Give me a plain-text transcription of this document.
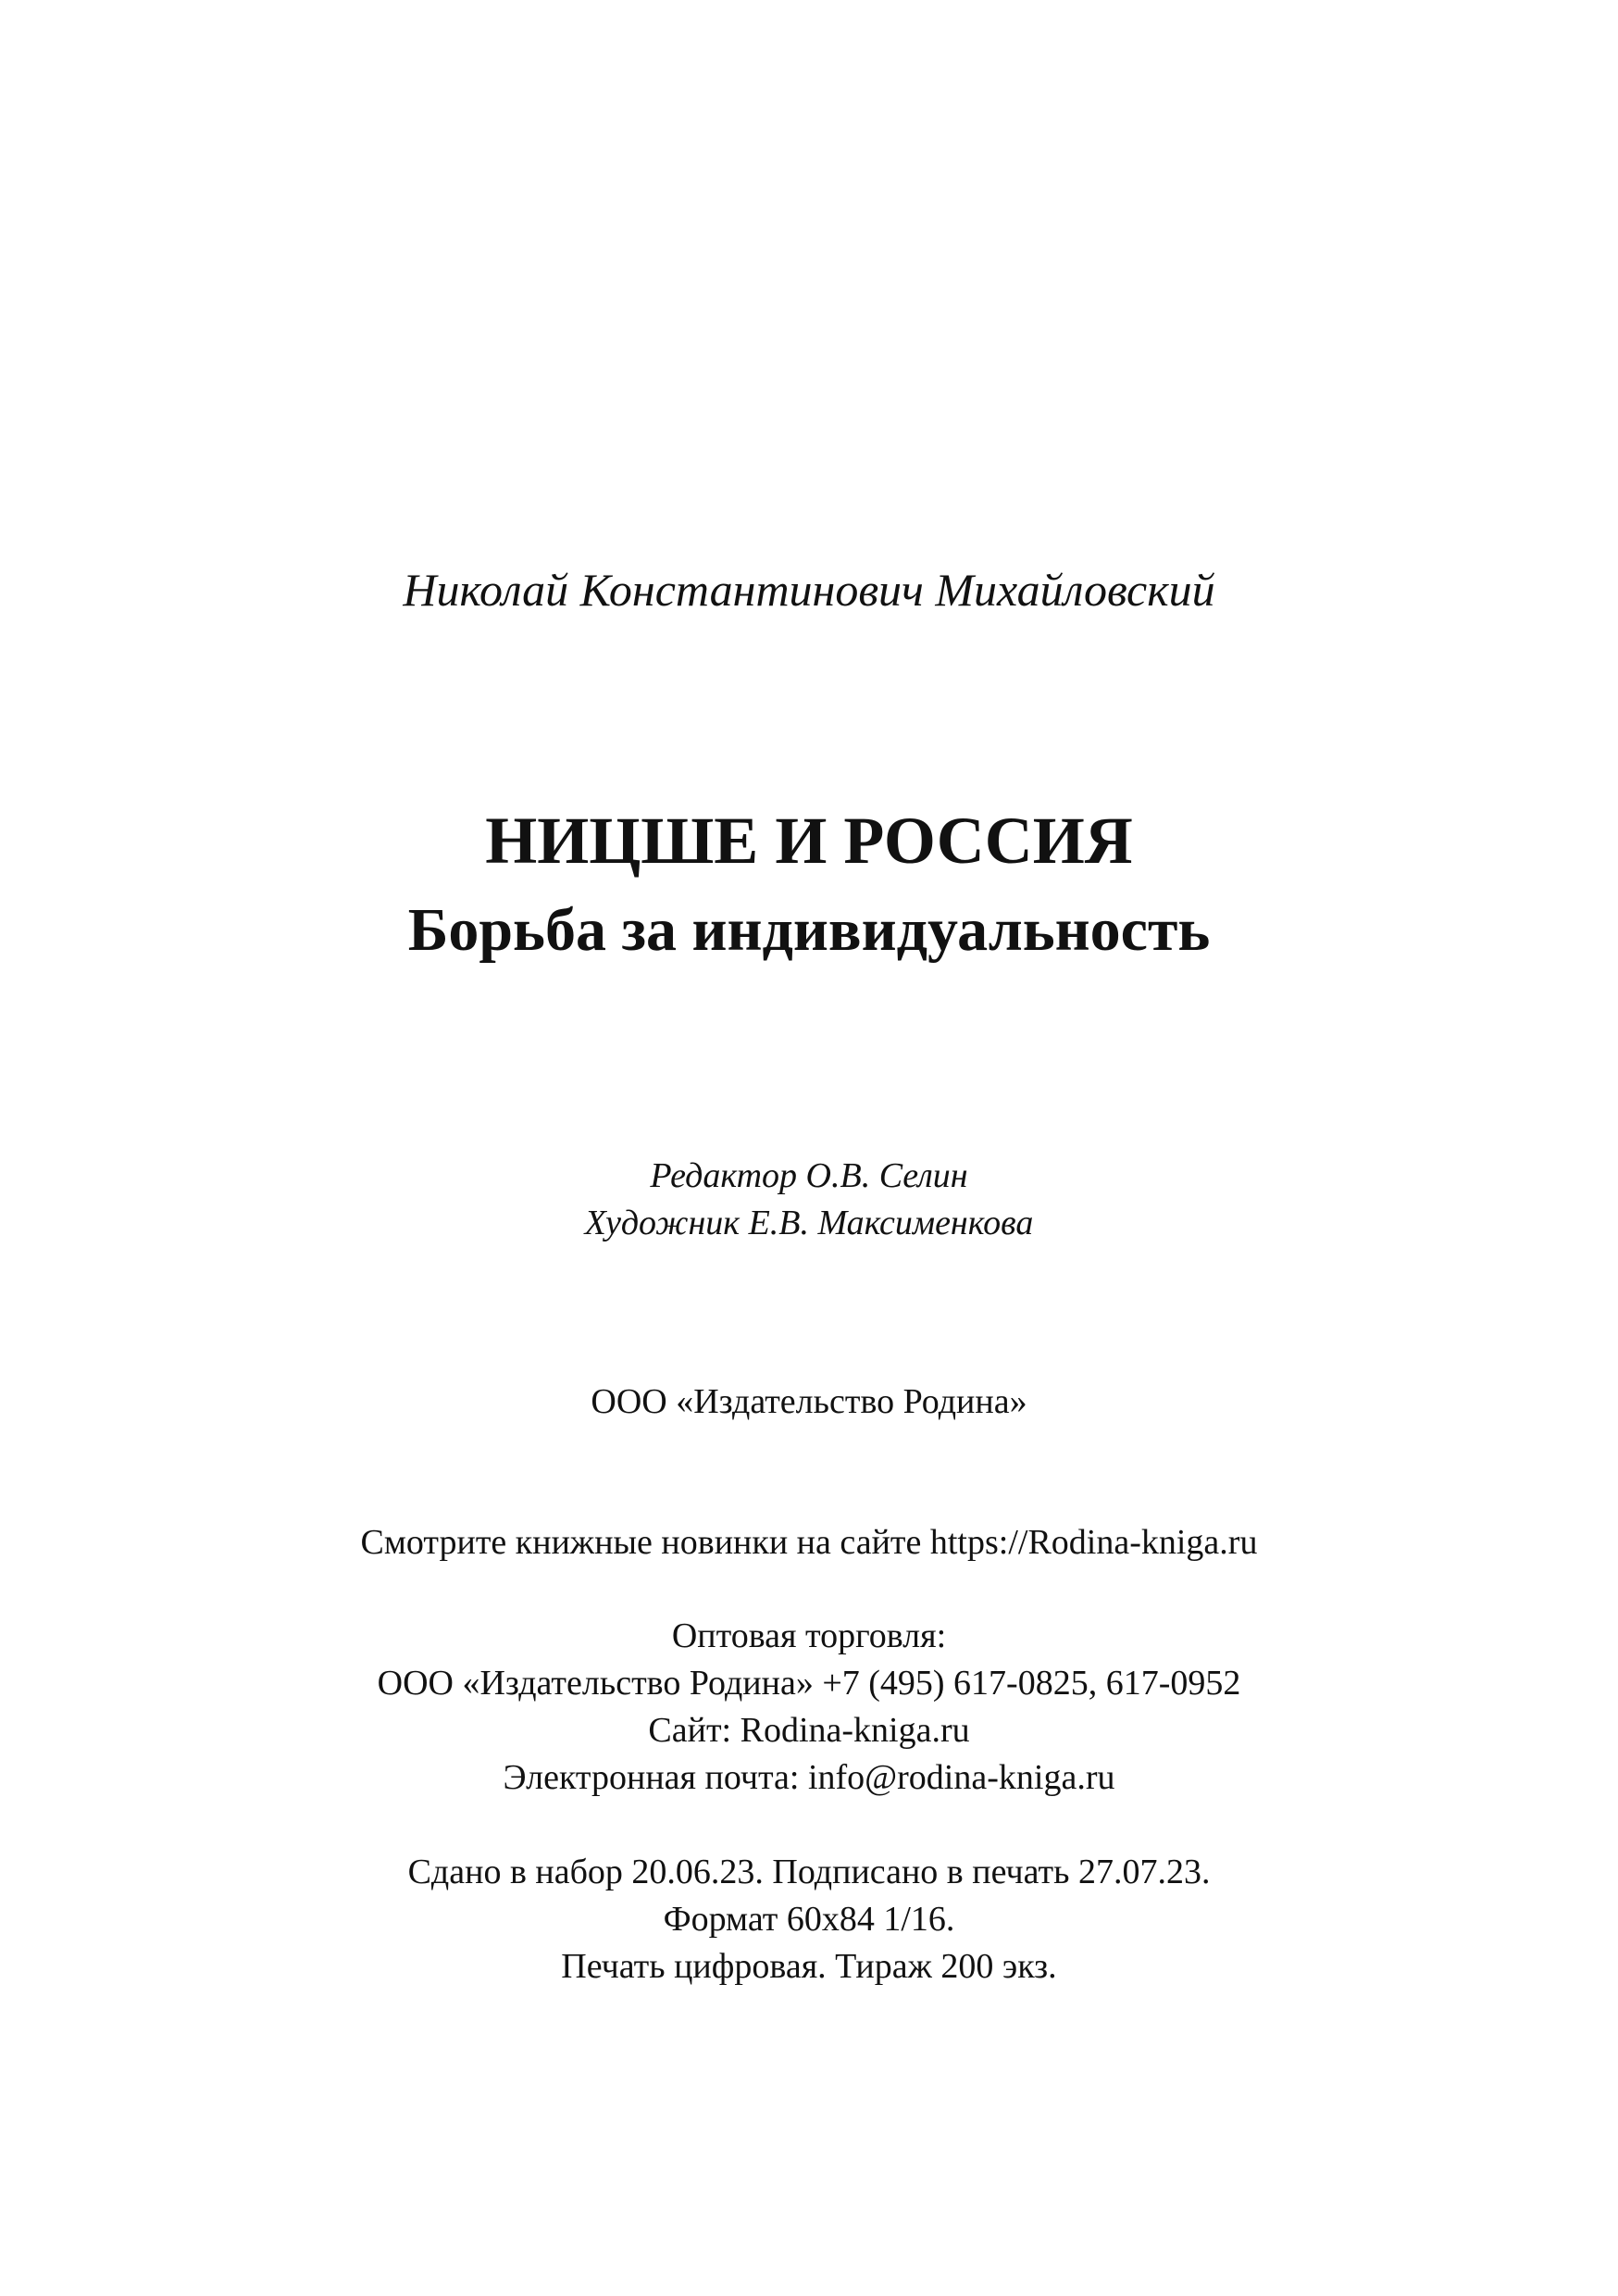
Николай Константинович Михайловский
НИЦШЕ И РОССИЯ
Борьба за индивидуальность
Редактор О.В. Селин
Художник Е.В. Максименкова
ООО «Издательство Родина»
Смотрите книжные новинки на сайте https://Rodina-kniga.ru
Оптовая торговля:
ООО «Издательство Родина» +7 (495) 617-0825, 617-0952
Сайт: Rodina-kniga.ru
Электронная почта: info@rodina-kniga.ru
Сдано в набор 20.06.23. Подписано в печать 27.07.23.
Формат 60x84 1/16.
Печать цифровая. Тираж 200 экз.
